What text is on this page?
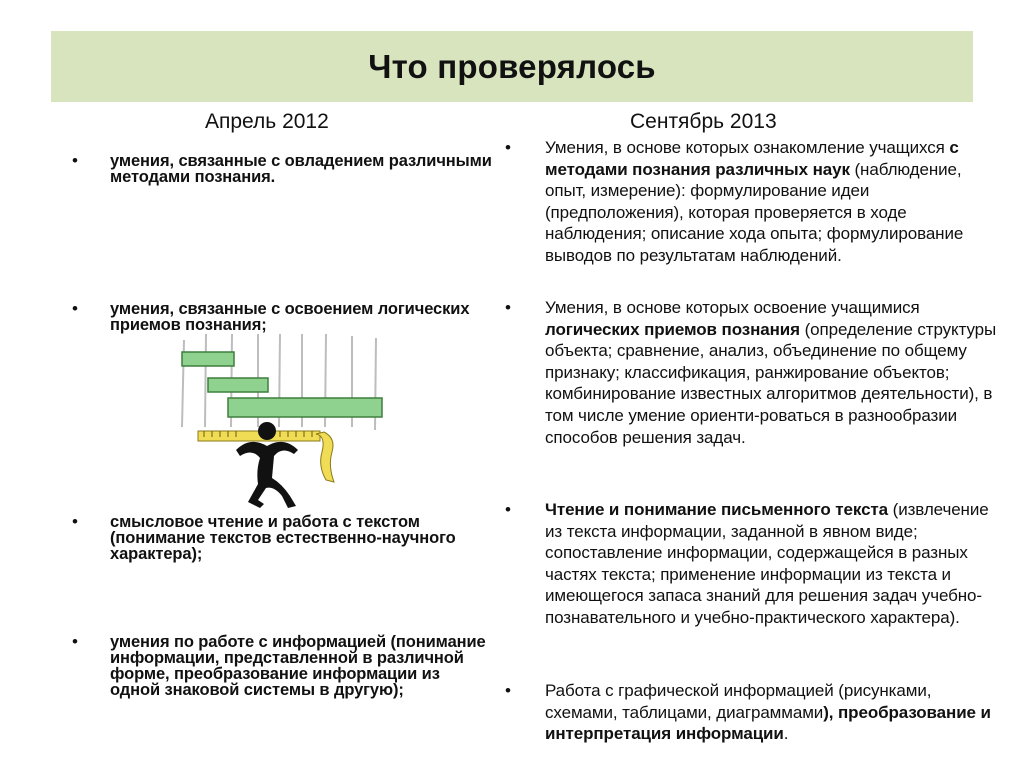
Что проверялось
Апрель 2012	Сентябрь 2013
• умения, связанные с овладением различными методами познания.
• умения, связанные с освоением логических приемов познания;
• смысловое чтение и работа с текстом (понимание текстов естественно-научного характера);
• умения по работе с информацией (понимание информации, представленной в различной форме, преобразование информации из одной знаковой системы в другую);
• Умения, в основе которых ознакомление учащихся с методами познания различных наук (наблюдение, опыт, измерение): формулирование идеи (предположения), которая проверяется в ходе наблюдения; описание хода опыта; формулирование выводов по результатам наблюдений.
• Умения, в основе которых освоение учащимися логических приемов познания (определение структуры объекта; сравнение, анализ, объединение по общему признаку; классификация, ранжирование объектов; комбинирование известных алгоритмов деятельности), в том числе умение ориенти-роваться в разнообразии способов решения задач.
• Чтение и понимание письменного текста (извлечение из текста информации, заданной в явном виде; сопоставление информации, содержащейся в разных частях текста; применение информации из текста и имеющегося запаса знаний для решения задач учебно-познавательного и учебно-практического характера).
• Работа с графической информацией (рисунками, схемами, таблицами, диаграммами), преобразование и интерпретация информации.
